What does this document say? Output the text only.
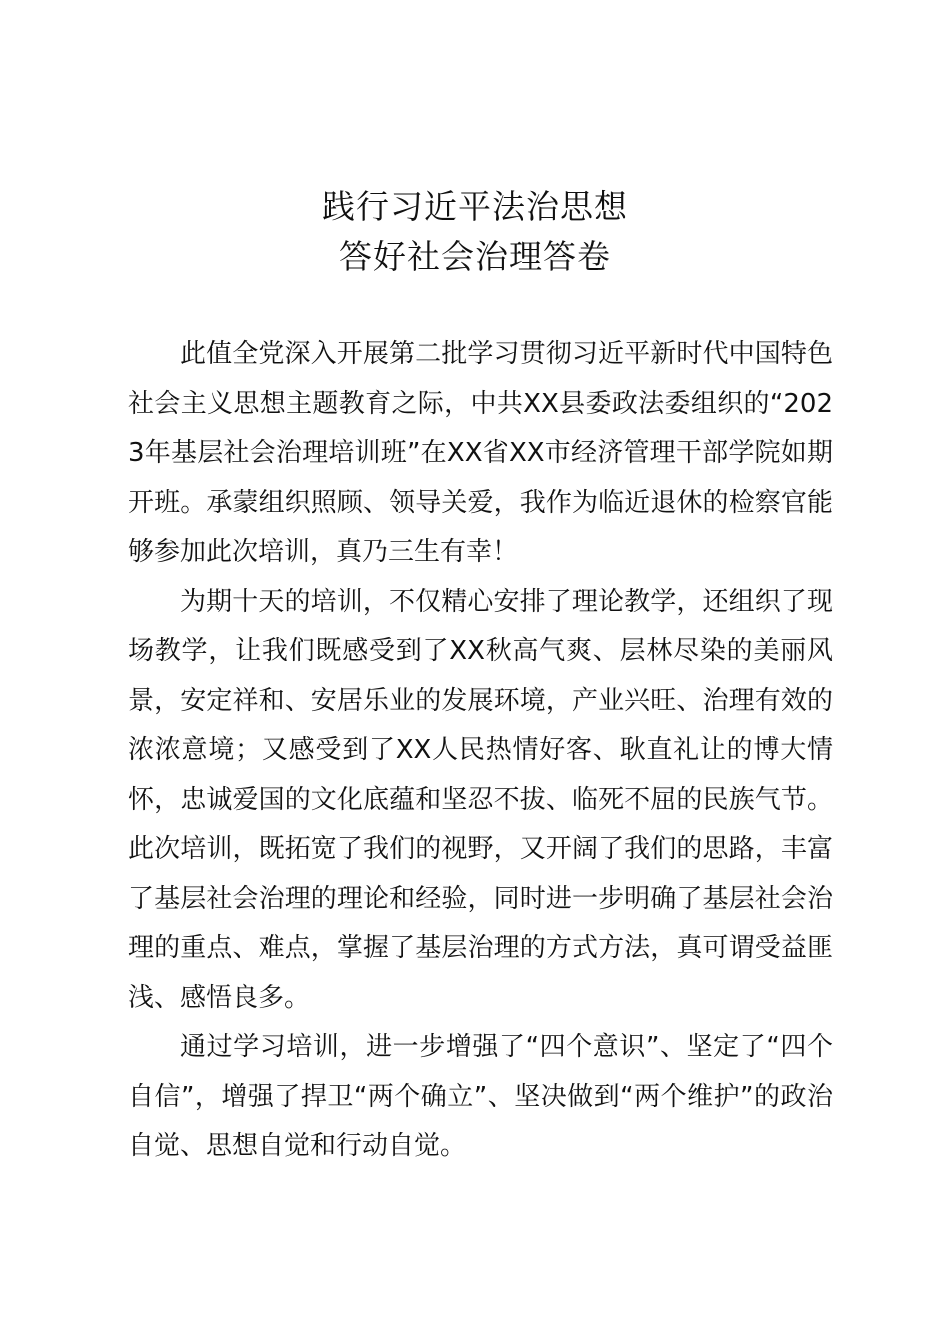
践行习近平法治思想
答好社会治理答卷

此值全党深入开展第二批学习贯彻习近平新时代中国特色社会主义思想主题教育之际，中共XX县委政法委组织的“2023年基层社会治理培训班”在XX省XX市经济管理干部学院如期开班。承蒙组织照顾、领导关爱，我作为临近退休的检察官能够参加此次培训，真乃三生有幸！

为期十天的培训，不仅精心安排了理论教学，还组织了现场教学，让我们既感受到了XX秋高气爽、层林尽染的美丽风景，安定祥和、安居乐业的发展环境，产业兴旺、治理有效的浓浓意境；又感受到了XX人民热情好客、耿直礼让的博大情怀，忠诚爱国的文化底蕴和坚忍不拔、临死不屈的民族气节。此次培训，既拓宽了我们的视野，又开阔了我们的思路，丰富了基层社会治理的理论和经验，同时进一步明确了基层社会治理的重点、难点，掌握了基层治理的方式方法，真可谓受益匪浅、感悟良多。

通过学习培训，进一步增强了“四个意识”、坚定了“四个自信”，增强了捍卫“两个确立”、坚决做到“两个维护”的政治自觉、思想自觉和行动自觉。
